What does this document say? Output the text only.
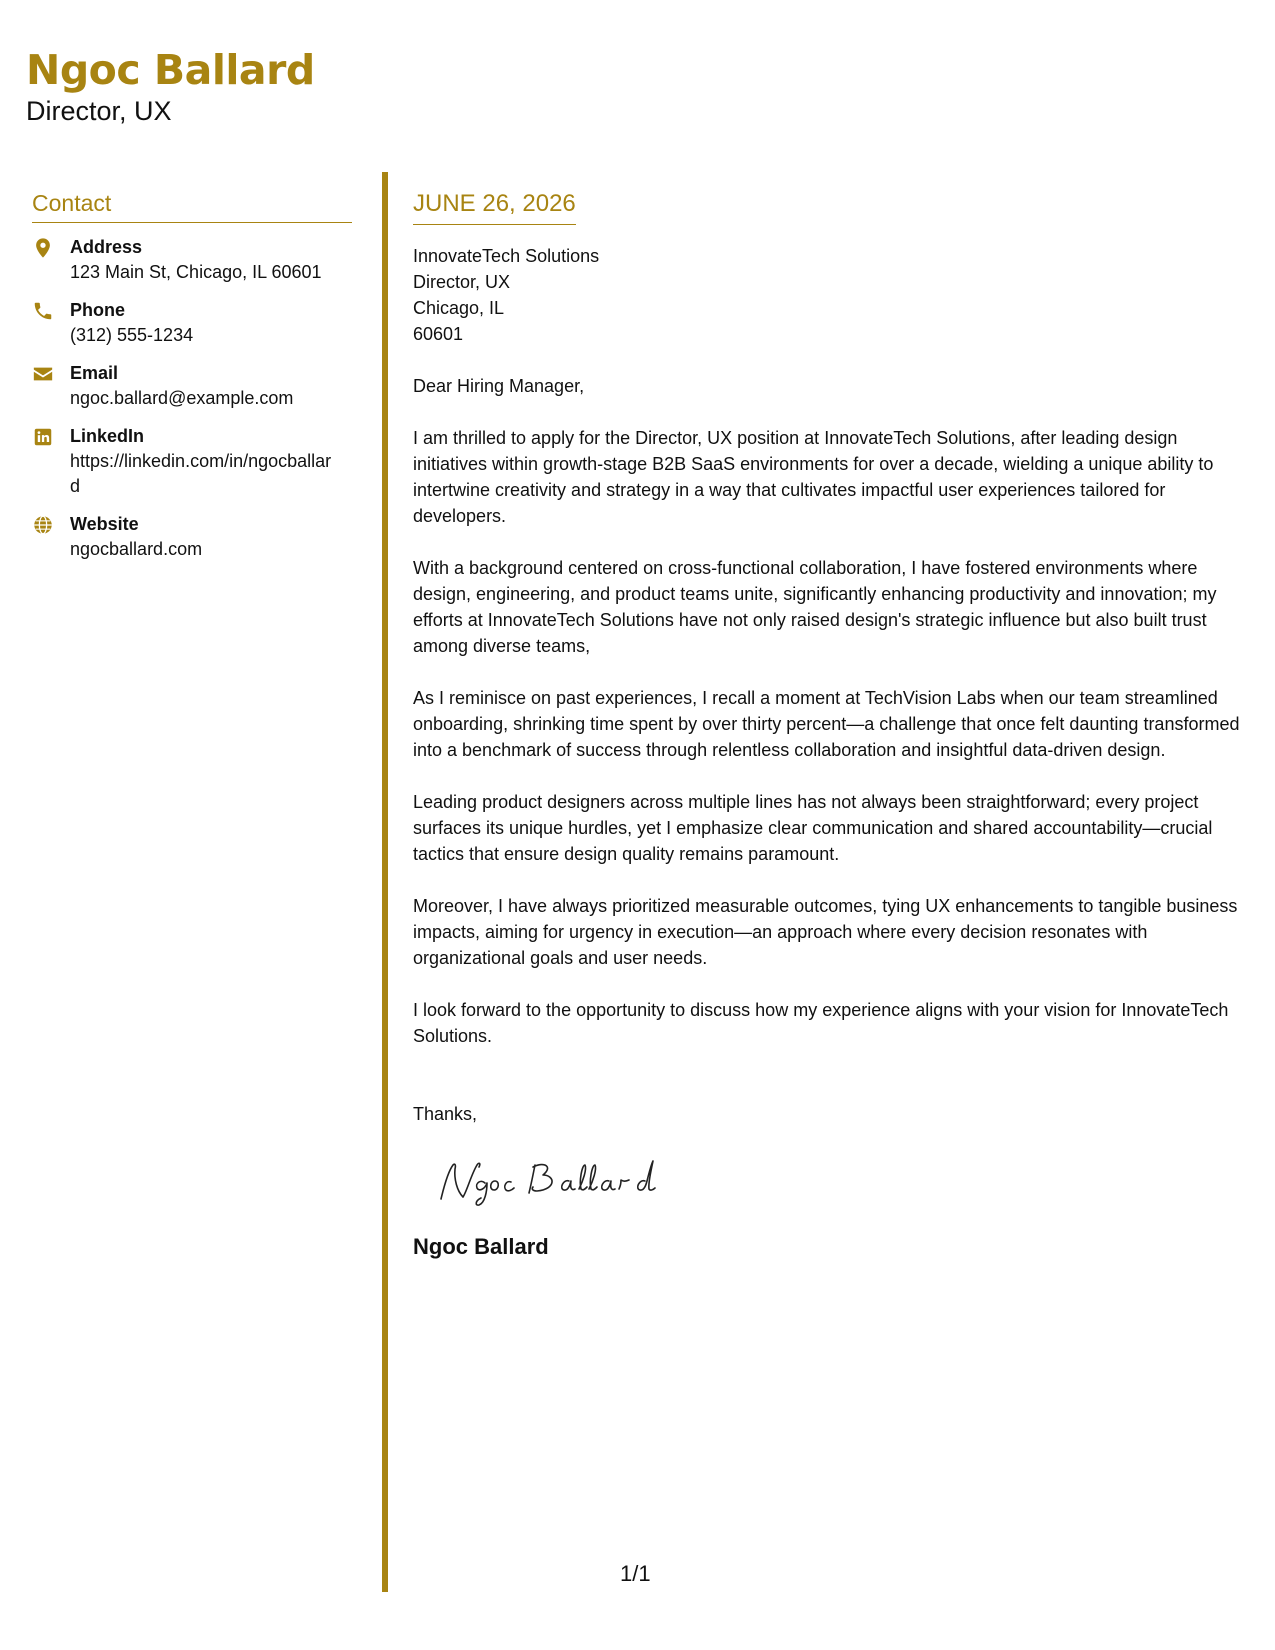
Ngoc Ballard
Director, UX
Contact
Address
123 Main St, Chicago, IL 60601
Phone
(312) 555-1234
Email
ngoc.ballard@example.com
LinkedIn
https://linkedin.com/in/ngocballard
Website
ngocballard.com
JUNE 26, 2026
InnovateTech Solutions
Director, UX
Chicago, IL
60601
Dear Hiring Manager,

I am thrilled to apply for the Director, UX position at InnovateTech Solutions, after leading design initiatives within growth-stage B2B SaaS environments for over a decade, wielding a unique ability to intertwine creativity and strategy in a way that cultivates impactful user experiences tailored for developers.

With a background centered on cross-functional collaboration, I have fostered environments where design, engineering, and product teams unite, significantly enhancing productivity and innovation; my efforts at InnovateTech Solutions have not only raised design's strategic influence but also built trust among diverse teams,

As I reminisce on past experiences, I recall a moment at TechVision Labs when our team streamlined onboarding, shrinking time spent by over thirty percent—a challenge that once felt daunting transformed into a benchmark of success through relentless collaboration and insightful data-driven design.

Leading product designers across multiple lines has not always been straightforward; every project surfaces its unique hurdles, yet I emphasize clear communication and shared accountability—crucial tactics that ensure design quality remains paramount.

Moreover, I have always prioritized measurable outcomes, tying UX enhancements to tangible business impacts, aiming for urgency in execution—an approach where every decision resonates with organizational goals and user needs.

I look forward to the opportunity to discuss how my experience aligns with your vision for InnovateTech Solutions.

Thanks,
Ngoc Ballard
1/1
